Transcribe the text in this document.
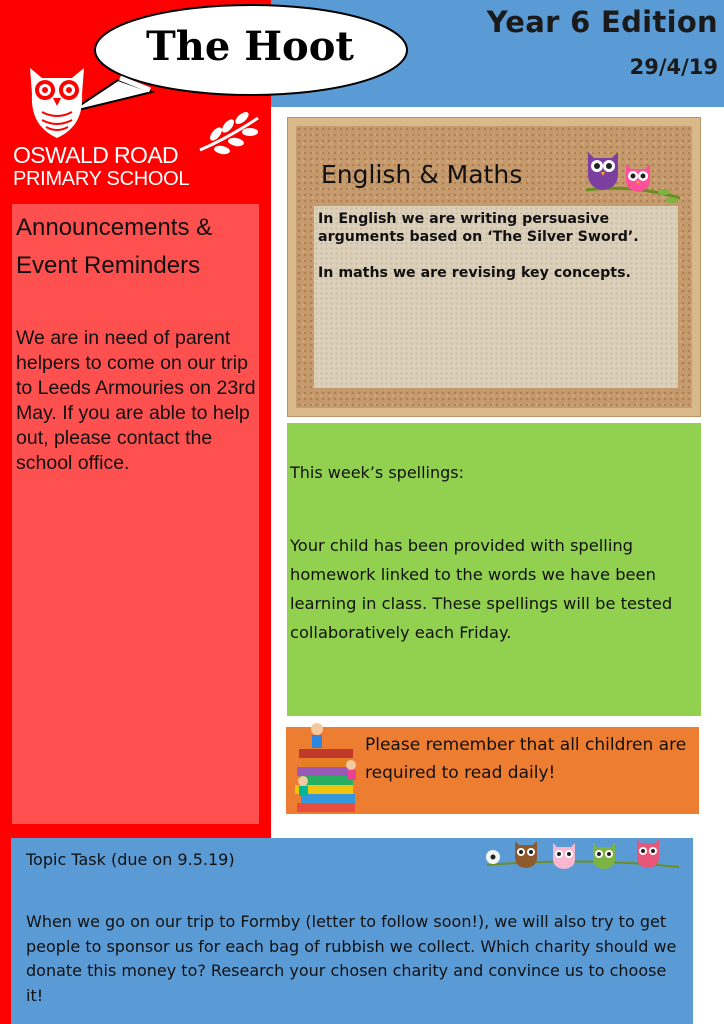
Year 6 Edition
29/4/19
The Hoot
OSWALD ROAD
PRIMARY SCHOOL
Announcements & Event Reminders

We are in need of parent helpers to come on our trip to Leeds Armouries on 23rd May. If you are able to help out, please contact the school office.

English & Maths
In English we are writing persuasive arguments based on ‘The Silver Sword’.
In maths we are revising key concepts.
This week’s spellings:
Your child has been provided with spelling homework linked to the words we have been learning in class. These spellings will be tested collaboratively each Friday.
Please remember that all children are required to read daily!
Topic Task (due on 9.5.19)
When we go on our trip to Formby (letter to follow soon!), we will also try to get people to sponsor us for each bag of rubbish we collect. Which charity should we donate this money to? Research your chosen charity and convince us to choose it!
